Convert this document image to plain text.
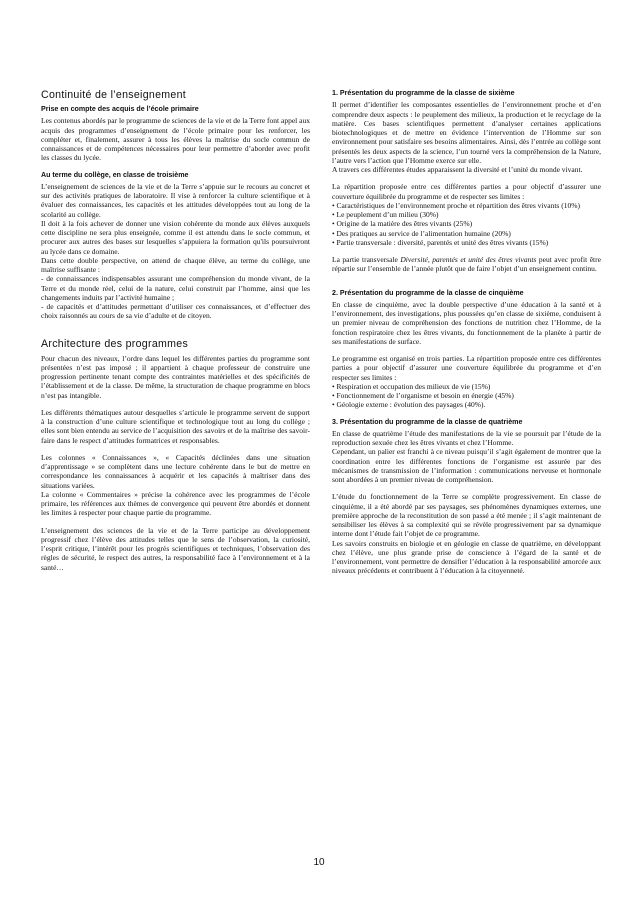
Continuité de l’enseignement
Prise en compte des acquis de l’école primaire

Les contenus abordés par le programme de sciences de la vie et de la Terre font appel aux acquis des programmes d’enseignement de l’école primaire pour les renforcer, les compléter et, finalement, assurer à tous les élèves la maîtrise du socle commun de connaissances et de compétences nécessaires pour leur permettre d’aborder avec profit les classes du lycée.

Au terme du collège, en classe de troisième

L’enseignement de sciences de la vie et de la Terre s’appuie sur le recours au concret et sur des activités pratiques de laboratoire. Il vise à renforcer la culture scientifique et à évaluer des connaissances, les capacités et les attitudes développées tout au long de la scolarité au collège.

Il doit à la fois achever de donner une vision cohérente du monde aux élèves auxquels cette discipline ne sera plus enseignée, comme il est attendu dans le socle commun, et procurer aux autres des bases sur lesquelles s’appuiera la formation qu'ils poursuivront au lycée dans ce domaine.

Dans cette double perspective, on attend de chaque élève, au terme du collège, une maîtrise suffisante :

- de connaissances indispensables assurant une compréhension du monde vivant, de la Terre et du monde réel, celui de la nature, celui construit par l’homme, ainsi que les changements induits par l’activité humaine ;

- de capacités et d’attitudes permettant d’utiliser ces connaissances, et d’effectuer des choix raisonnés au cours de sa vie d’adulte et de citoyen.

Architecture des programmes

Pour chacun des niveaux, l’ordre dans lequel les différentes parties du programme sont présentées n’est pas imposé ; il appartient à chaque professeur de construire une progression pertinente tenant compte des contraintes matérielles et des spécificités de l’établissement et de la classe. De même, la structuration de chaque programme en blocs n’est pas intangible.

Les différents thématiques autour desquelles s’articule le programme servent de support à la construction d’une culture scientifique et technologique tout au long du collège ; elles sont bien entendu au service de l’acquisition des savoirs et de la maîtrise des savoir-faire dans le respect d’attitudes formatrices et responsables.

Les colonnes « Connaissances », « Capacités déclinées dans une situation d’apprentissage » se complètent dans une lecture cohérente dans le but de mettre en correspondance les connaissances à acquérir et les capacités à maîtriser dans des situations variées.

La colonne « Commentaires » précise la cohérence avec les programmes de l’école primaire, les références aux thèmes de convergence qui peuvent être abordés et donnent les limites à respecter pour chaque partie du programme.

L’enseignement des sciences de la vie et de la Terre participe au développement progressif chez l’élève des attitudes telles que le sens de l’observation, la curiosité, l’esprit critique, l’intérêt pour les progrès scientifiques et techniques, l’observation des règles de sécurité, le respect des autres, la responsabilité face à l’environnement et à la santé…

1. Présentation du programme de la classe de sixième

Il permet d’identifier les composantes essentielles de l’environnement proche et d’en comprendre deux aspects : le peuplement des milieux, la production et le recyclage de la matière. Ces bases scientifiques permettent d’analyser certaines applications biotechnologiques et de mettre en évidence l’intervention de l’Homme sur son environnement pour satisfaire ses besoins alimentaires. Ainsi, dès l’entrée au collège sont présentés les deux aspects de la science, l’un tourné vers la compréhension de la Nature, l’autre vers l’action que l’Homme exerce sur elle.

A travers ces différentes études apparaissent la diversité et l’unité du monde vivant.

La répartition proposée entre ces différentes parties a pour objectif d’assurer une couverture équilibrée du programme et de respecter ses limites :

• Caractéristiques de l’environnement proche et répartition des êtres vivants (10%)

• Le peuplement d’un milieu (30%)

• Origine de la matière des êtres vivants (25%)

• Des pratiques au service de l’alimentation humaine (20%)

• Partie transversale : diversité, parentés et unité des êtres vivants (15%)

La partie transversale Diversité, parentés et unité des êtres vivants peut avec profit être répartie sur l’ensemble de l’année plutôt que de faire l’objet d’un enseignement continu.

2. Présentation du programme de la classe de cinquième

En classe de cinquième, avec la double perspective d’une éducation à la santé et à l’environnement, des investigations, plus poussées qu’en classe de sixième, conduisent à un premier niveau de compréhension des fonctions de nutrition chez l’Homme, de la fonction respiratoire chez les êtres vivants, du fonctionnement de la planète à partir de ses manifestations de surface.

Le programme est organisé en trois parties. La répartition proposée entre ces différentes parties a pour objectif d’assurer une couverture équilibrée du programme et d’en respecter ses limites :

• Respiration et occupation des milieux de vie (15%)

• Fonctionnement de l’organisme et besoin en énergie (45%)

• Géologie externe : évolution des paysages (40%).

3. Présentation du programme de la classe de quatrième

En classe de quatrième l’étude des manifestations de la vie se poursuit par l’étude de la reproduction sexuée chez les êtres vivants et chez l’Homme.

Cependant, un palier est franchi à ce niveau puisqu’il s’agit également de montrer que la coordination entre les différentes fonctions de l’organisme est assurée par des mécanismes de transmission de l’information : communications nerveuse et hormonale sont abordées à un premier niveau de compréhension.

L’étude du fonctionnement de la Terre se complète progressivement. En classe de cinquième, il a été abordé par ses paysages, ses phénomènes dynamiques externes, une première approche de la reconstitution de son passé a été menée ; il s’agit maintenant de sensibiliser les élèves à sa complexité qui se révèle progressivement par sa dynamique interne dont l’étude fait l’objet de ce programme.

Les savoirs construits en biologie et en géologie en classe de quatrième, en développant chez l’élève, une plus grande prise de conscience à l’égard de la santé et de l’environnement, vont permettre de densifier l’éducation à la responsabilité amorcée aux niveaux précédents et contribuent à l’éducation à la citoyenneté.

10
